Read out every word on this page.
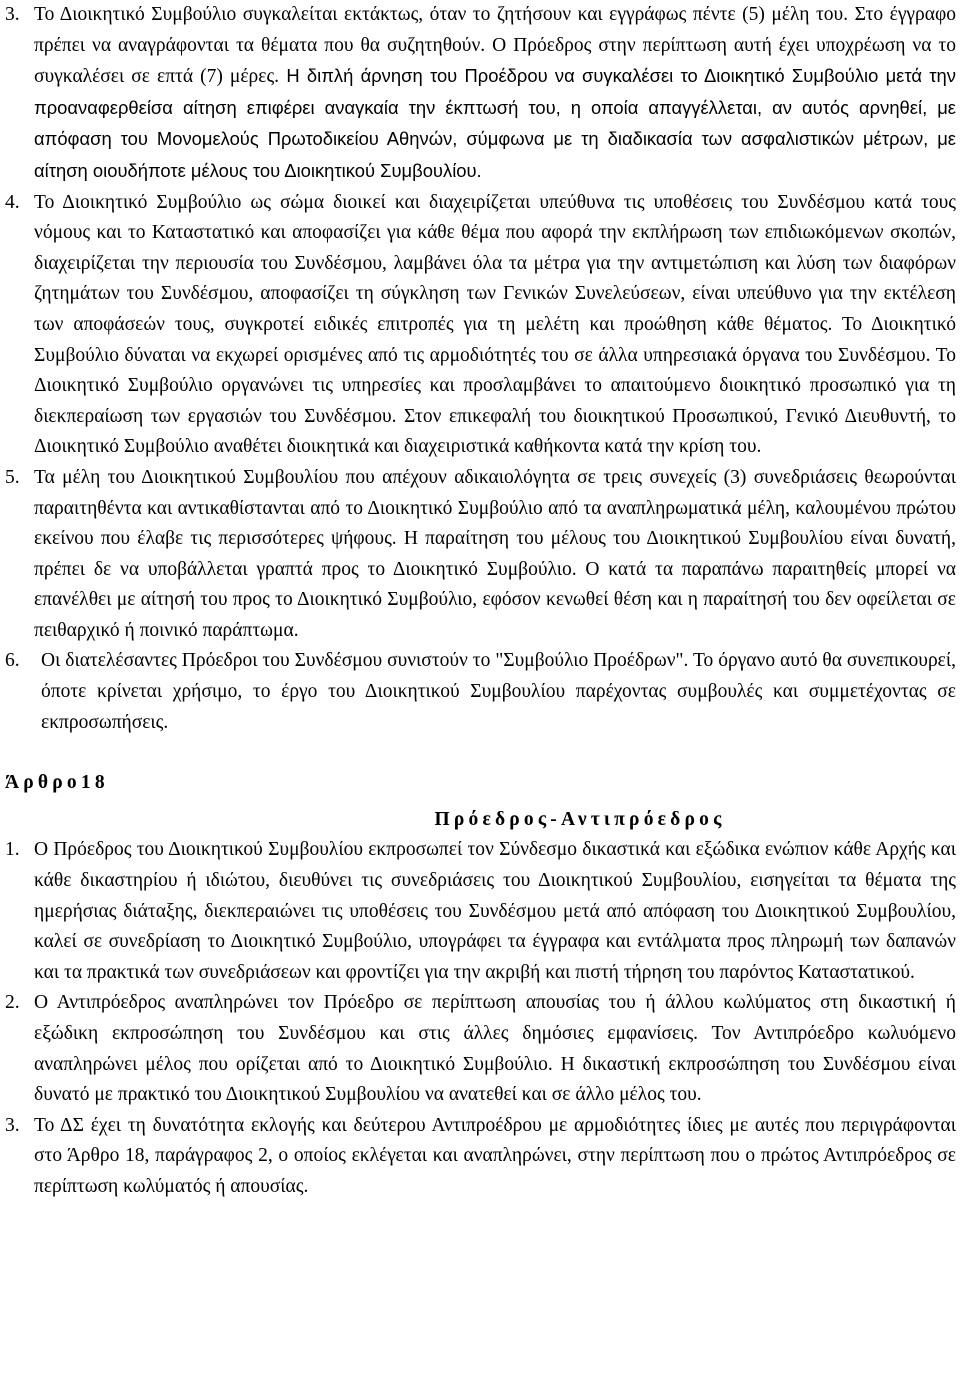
3. Το Διοικητικό Συμβούλιο συγκαλείται εκτάκτως, όταν το ζητήσουν και εγγράφως πέντε (5) μέλη του. Στο έγγραφο πρέπει να αναγράφονται τα θέματα που θα συζητηθούν. Ο Πρόεδρος στην περίπτωση αυτή έχει υποχρέωση να το συγκαλέσει σε επτά (7) μέρες. Η διπλή άρνηση του Προέδρου να συγκαλέσει το Διοικητικό Συμβούλιο μετά την προαναφερθείσα αίτηση επιφέρει αναγκαία την έκπτωσή του, η οποία απαγγέλλεται, αν αυτός αρνηθεί, με απόφαση του Μονομελούς Πρωτοδικείου Αθηνών, σύμφωνα με τη διαδικασία των ασφαλιστικών μέτρων, με αίτηση οιουδήποτε μέλους του Διοικητικού Συμβουλίου.
4. Το Διοικητικό Συμβούλιο ως σώμα διοικεί και διαχειρίζεται υπεύθυνα τις υποθέσεις του Συνδέσμου κατά τους νόμους και το Καταστατικό και αποφασίζει για κάθε θέμα που αφορά την εκπλήρωση των επιδιωκόμενων σκοπών, διαχειρίζεται την περιουσία του Συνδέσμου, λαμβάνει όλα τα μέτρα για την αντιμετώπιση και λύση των διαφόρων ζητημάτων του Συνδέσμου, αποφασίζει τη σύγκληση των Γενικών Συνελεύσεων, είναι υπεύθυνο για την εκτέλεση των αποφάσεών τους, συγκροτεί ειδικές επιτροπές για τη μελέτη και προώθηση κάθε θέματος. Το Διοικητικό Συμβούλιο δύναται να εκχωρεί ορισμένες από τις αρμοδιότητές του σε άλλα υπηρεσιακά όργανα του Συνδέσμου. Το Διοικητικό Συμβούλιο οργανώνει τις υπηρεσίες και προσλαμβάνει το απαιτούμενο διοικητικό προσωπικό για τη διεκπεραίωση των εργασιών του Συνδέσμου. Στον επικεφαλή του διοικητικού Προσωπικού, Γενικό Διευθυντή, το Διοικητικό Συμβούλιο αναθέτει διοικητικά και διαχειριστικά καθήκοντα κατά την κρίση του.
5. Τα μέλη του Διοικητικού Συμβουλίου που απέχουν αδικαιολόγητα σε τρεις συνεχείς (3) συνεδριάσεις θεωρούνται παραιτηθέντα και αντικαθίστανται από το Διοικητικό Συμβούλιο από τα αναπληρωματικά μέλη, καλουμένου πρώτου εκείνου που έλαβε τις περισσότερες ψήφους. Η παραίτηση του μέλους του Διοικητικού Συμβουλίου είναι δυνατή, πρέπει δε να υποβάλλεται γραπτά προς το Διοικητικό Συμβούλιο. Ο κατά τα παραπάνω παραιτηθείς μπορεί να επανέλθει με αίτησή του προς το Διοικητικό Συμβούλιο, εφόσον κενωθεί θέση και η παραίτησή του δεν οφείλεται σε πειθαρχικό ή ποινικό παράπτωμα.
6.	Οι διατελέσαντες Πρόεδροι του Συνδέσμου συνιστούν το "Συμβούλιο Προέδρων". Το όργανο αυτό θα συνεπικουρεί, όποτε κρίνεται χρήσιμο, το έργο του Διοικητικού Συμβουλίου παρέχοντας συμβουλές και συμμετέχοντας σε εκπροσωπήσεις.
Άρθρο18
Πρόεδρος-Αντιπρόεδρος
1. Ο Πρόεδρος του Διοικητικού Συμβουλίου εκπροσωπεί τον Σύνδεσμο δικαστικά και εξώδικα ενώπιον κάθε Αρχής και κάθε δικαστηρίου ή ιδιώτου, διευθύνει τις συνεδριάσεις του Διοικητικού Συμβουλίου, εισηγείται τα θέματα της ημερήσιας διάταξης, διεκπεραιώνει τις υποθέσεις του Συνδέσμου μετά από απόφαση του Διοικητικού Συμβουλίου, καλεί σε συνεδρίαση το Διοικητικό Συμβούλιο, υπογράφει τα έγγραφα και εντάλματα προς πληρωμή των δαπανών και τα πρακτικά των συνεδριάσεων και φροντίζει για την ακριβή και πιστή τήρηση του παρόντος Καταστατικού.
2. Ο Αντιπρόεδρος αναπληρώνει τον Πρόεδρο σε περίπτωση απουσίας του ή άλλου κωλύματος στη δικαστική ή εξώδικη εκπροσώπηση του Συνδέσμου και στις άλλες δημόσιες εμφανίσεις. Τον Αντιπρόεδρο κωλυόμενο αναπληρώνει μέλος που ορίζεται από το Διοικητικό Συμβούλιο. Η δικαστική εκπροσώπηση του Συνδέσμου είναι δυνατό με πρακτικό του Διοικητικού Συμβουλίου να ανατεθεί και σε άλλο μέλος του.
3. Το ΔΣ έχει τη δυνατότητα εκλογής και δεύτερου Αντιπροέδρου με αρμοδιότητες ίδιες με αυτές που περιγράφονται στο Άρθρο 18, παράγραφος 2, ο οποίος εκλέγεται και αναπληρώνει, στην περίπτωση που ο πρώτος Αντιπρόεδρος σε περίπτωση κωλύματός ή απουσίας.
